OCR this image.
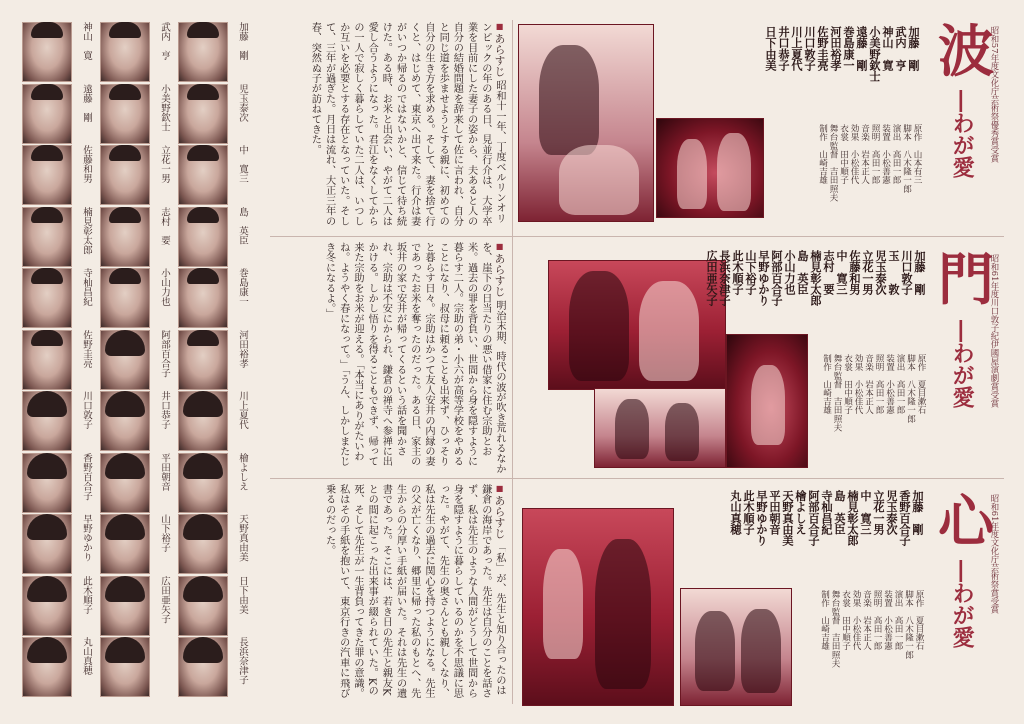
加藤　剛
武内　亨
神山　寛
児玉泰次
小美野欽士
遠藤　剛
中　寛三
立花一男
佐藤和男
島　英臣
志村　要
楠見彰太郎
巻島康一
小山力也
寺杣昌紀
河田裕孝
阿部百合子
佐野圭亮
川上夏代
井口恭子
川口敦子
檜よしえ
平田朝音
香野百合子
天野真由美
山下裕子
早野ゆかり
日下由美
広田亜矢子
此木順子
長浜奈津子
丸山真穂
■ あらすじ 昭和十一年、丁度ベルリンオリンピックの年のある日、見並行介は、大学卒業を目前にした妻子の姿から、夫あると人の自分の結婚問題を辞来して佐に言われ、自分と同じ道を歩ませようとする親に、初めての自分の生き方を求める。そして、妻を捨て行くと、はじめて、東京へ出て来た。行介は妻がいつか帰るのではないかと、信じて待ち続けた。ある時、お米と出会い、やがて二人は愛し合うようになった。君江をなくしてからの一人で寂しく暮らしていた二人は、いつしか互いを必要とする存在となっていた。そして、三年が過ぎた。月日は流れ、大正三年の春、突然ぬ子が訪ねてきた。
■ あらすじ 明治末期、時代の波が吹き荒れるなかを、崖下の日当たりの悪い借家に住む宗助とお米。過去の罪を背負い、世間から身を隠すように暮らす二人。宗助の弟・小六が高等学校をやめることになり、叔母に頼ることも出来ず、ひっそりと暮らす日々。宗助はかつて友人安井の内縁の妻であったお米を奪ったのだった。ある日、家主の坂井の家で安井が帰ってくるという話を聞かされ、宗助は不安にかられ、鎌倉の禅寺へ参禅に出かける。しかし悟りを得ることもできず、帰って来た宗助をお米が迎える。「本当にありがたいわね。ようやく春になって。」「うん、しかしまたじき冬になるよ。」
■ あらすじ 「私」が、先生と知り合ったのは鎌倉の海岸であった。先生は自分のことを話さず、私は先生のような人間がどうして世間から身を隠すように暮らしているのかを不思議に思った。やがて、先生の奥さんとも親しくなり、私は先生の過去に関心を持つようになる。先生の父が亡くなり、郷里に帰った私のもとへ、先生からの分厚い手紙が届いた。それは先生の遺書であった。そこには、若き日の先生と親友Kとの間に起こった出来事が綴られていた。Kの死、そして先生が一生背負ってきた罪の意識。私はその手紙を抱いて、東京行きの汽車に飛び乗るのだった。
加藤　剛
武内　亨
神山　寛
小美野欽士
遠藤　剛
巻島康一
河田裕孝
佐野圭亮
川口敦子
川上夏代
井口恭子
日下由美
原作　山本有三
脚本　八木隆一郎
演出　高田一郎
装置　小松善憲
照明　高田一郎
音楽　岩本正人
効果　小松佳代
衣裳　田中順子
舞台監督　吉田照夫
制作　山崎吉雄
波
―わが愛 昭和57年度文化庁芸術祭優秀賞受賞
加藤　剛
川口敦子
玉　　敦
児玉泰次
立花一男
佐藤和男
中　寛三
志村　要
楠見彰太郎
島　英臣
小山力也
阿部百合子
早野ゆかり
山下裕子
此木順子
長浜奈津子
広田亜矢子
原作　夏目漱石
脚本　八木隆一郎
演出　高田一郎
装置　小松善憲
照明　高田一郎
音楽　岩本正人
効果　小松佳代
衣裳　田中順子
舞台監督　吉田照夫
制作　山崎吉雄
門
―わが愛 昭和61年度川口敦子紀伊國屋演劇賞受賞
加藤　剛
香野百合子
児玉泰次
立花一男
中　寛三
楠見彰太郎
島　英臣
寺杣昌紀
阿部百合子
檜よしえ
天野真由美
平田朝音
早野ゆかり
此木順子
丸山真穂
原作　夏目漱石
脚本　八木隆一郎
演出　高田一郎
装置　小松善憲
照明　高田一郎
音楽　岩本正人
効果　小松佳代
衣裳　田中順子
舞台監督　吉田照夫
制作　山崎吉雄
心
―わが愛 昭和61年度文化庁芸術祭賞受賞
